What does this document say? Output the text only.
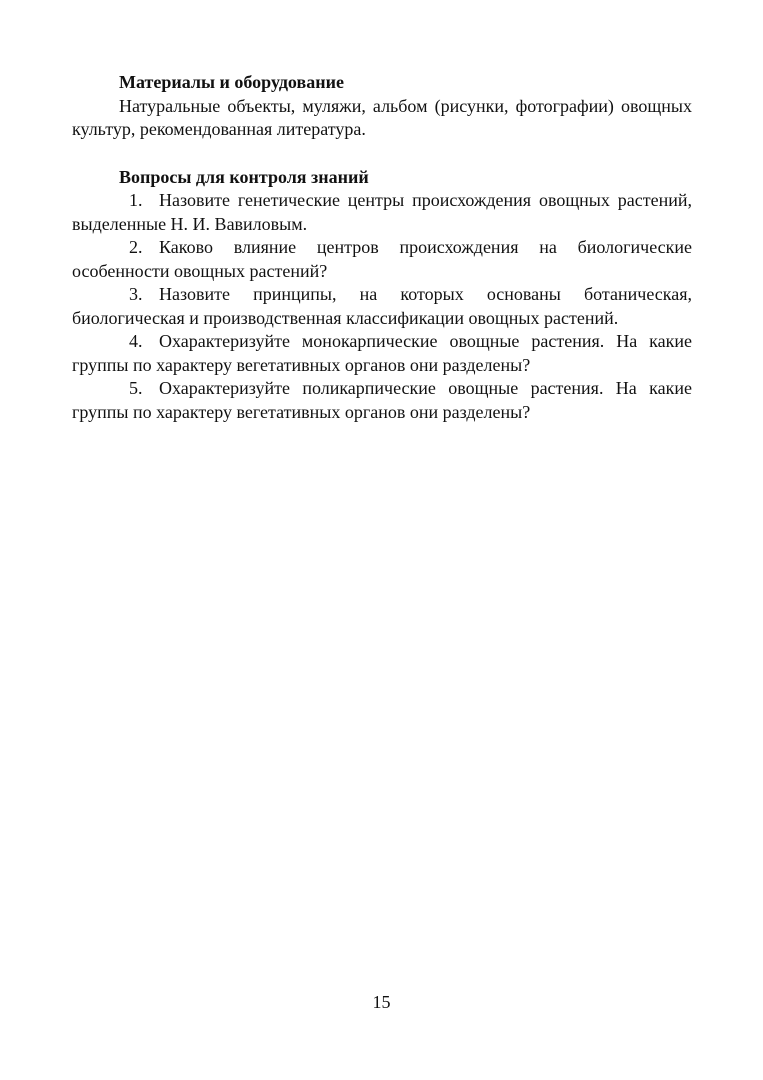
Материалы и оборудование

Натуральные объекты, муляжи, альбом (рисунки, фотографии) овощных культур, рекомендованная литература.

Вопросы для контроля знаний

1. Назовите генетические центры происхождения овощных растений, выделенные Н. И. Вавиловым.

2. Каково влияние центров происхождения на биологические особенности овощных растений?

3. Назовите принципы, на которых основаны ботаническая, биологическая и производственная классификации овощных растений.

4. Охарактеризуйте монокарпические овощные растения. На какие группы по характеру вегетативных органов они разделены?

5. Охарактеризуйте поликарпические овощные растения. На какие группы по характеру вегетативных органов они разделены?

15
